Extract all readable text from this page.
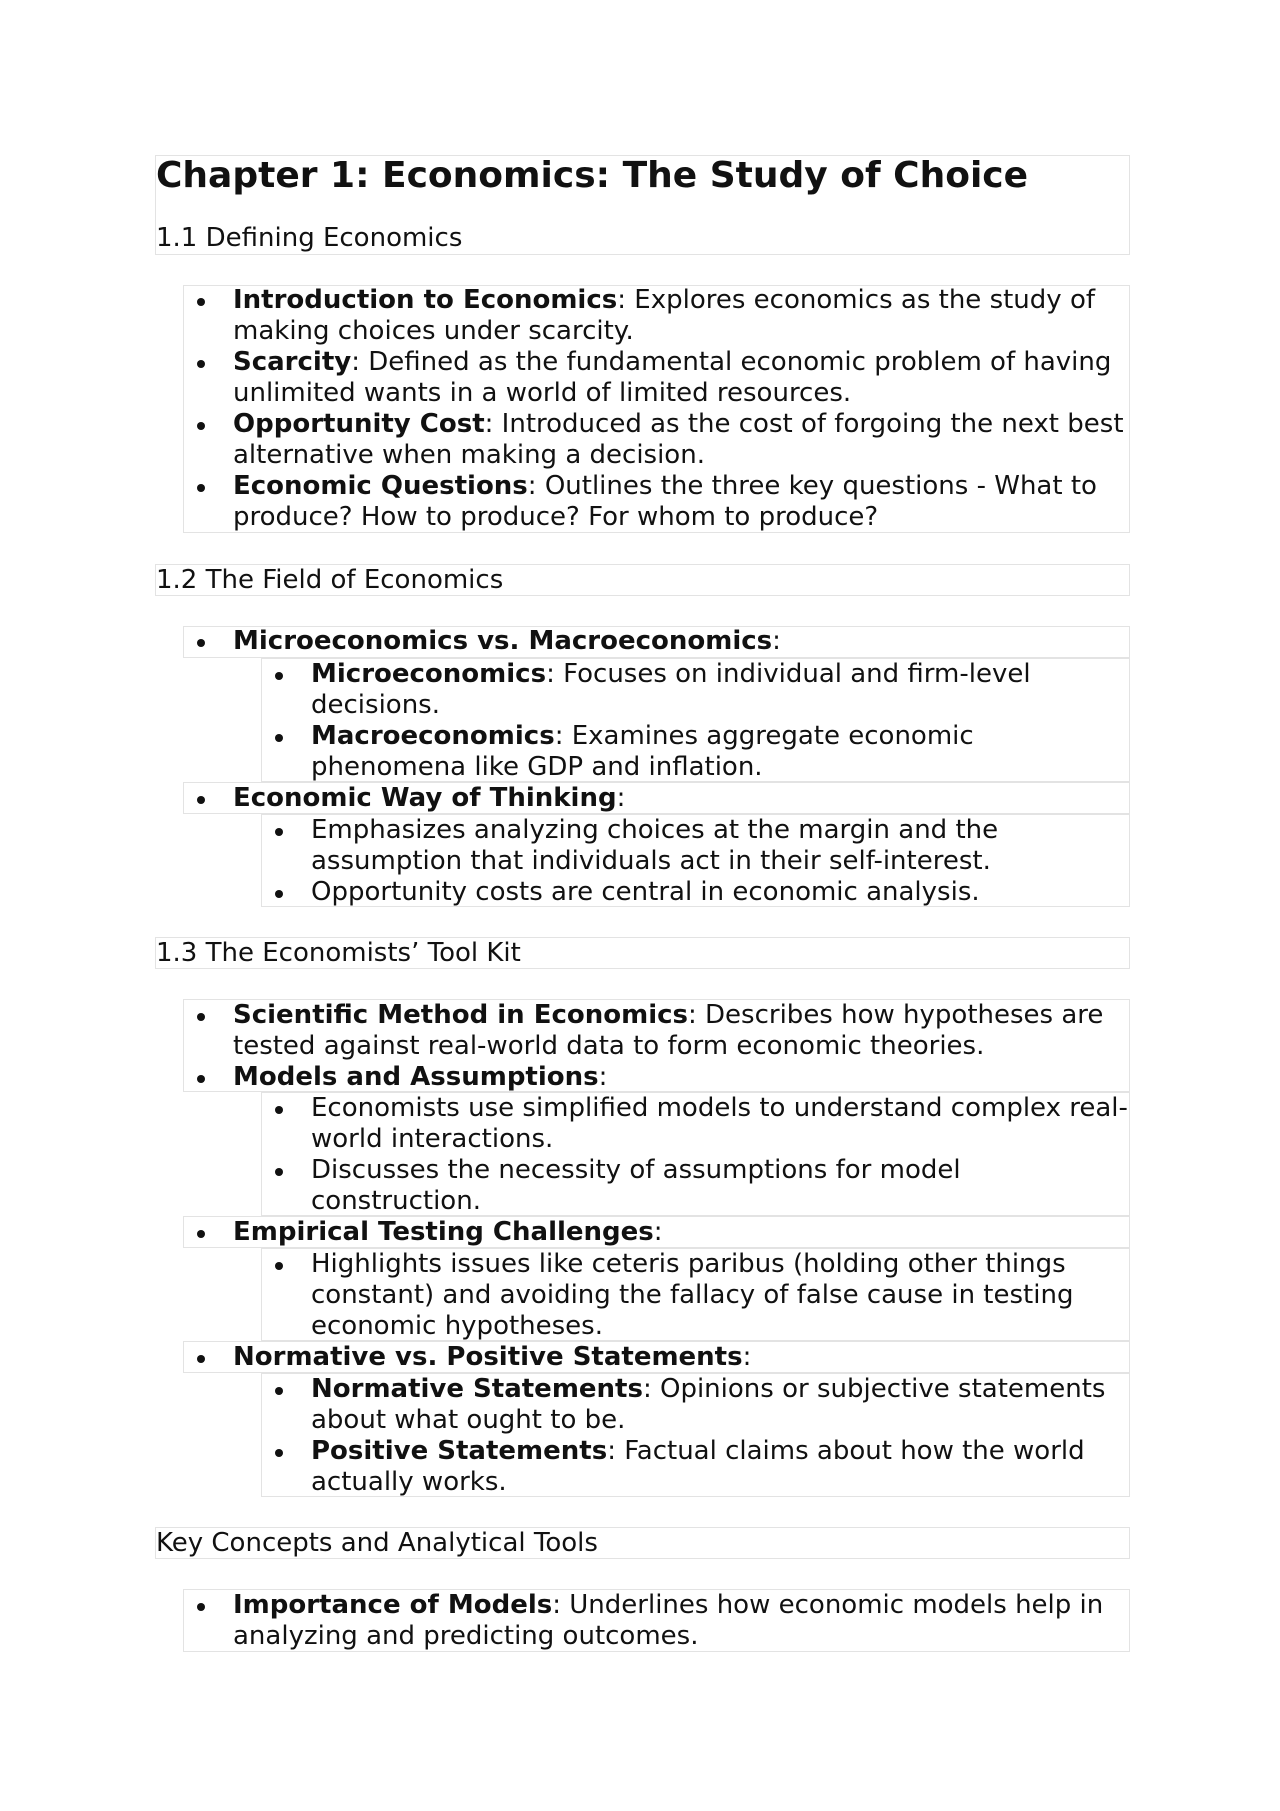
Chapter 1: Economics: The Study of Choice
1.1 Defining Economics
Introduction to Economics: Explores economics as the study of
making choices under scarcity.
Scarcity: Defined as the fundamental economic problem of having
unlimited wants in a world of limited resources.
Opportunity Cost: Introduced as the cost of forgoing the next best
alternative when making a decision.
Economic Questions: Outlines the three key questions - What to
produce? How to produce? For whom to produce?
1.2 The Field of Economics
Microeconomics vs. Macroeconomics:
Microeconomics: Focuses on individual and firm-level
decisions.
Macroeconomics: Examines aggregate economic
phenomena like GDP and inflation.
Economic Way of Thinking:
Emphasizes analyzing choices at the margin and the
assumption that individuals act in their self-interest.
Opportunity costs are central in economic analysis.
1.3 The Economists’ Tool Kit
Scientific Method in Economics: Describes how hypotheses are
tested against real-world data to form economic theories.
Models and Assumptions:
Economists use simplified models to understand complex real-
world interactions.
Discusses the necessity of assumptions for model
construction.
Empirical Testing Challenges:
Highlights issues like ceteris paribus (holding other things
constant) and avoiding the fallacy of false cause in testing
economic hypotheses.
Normative vs. Positive Statements:
Normative Statements: Opinions or subjective statements
about what ought to be.
Positive Statements: Factual claims about how the world
actually works.
Key Concepts and Analytical Tools
Importance of Models: Underlines how economic models help in
analyzing and predicting outcomes.
